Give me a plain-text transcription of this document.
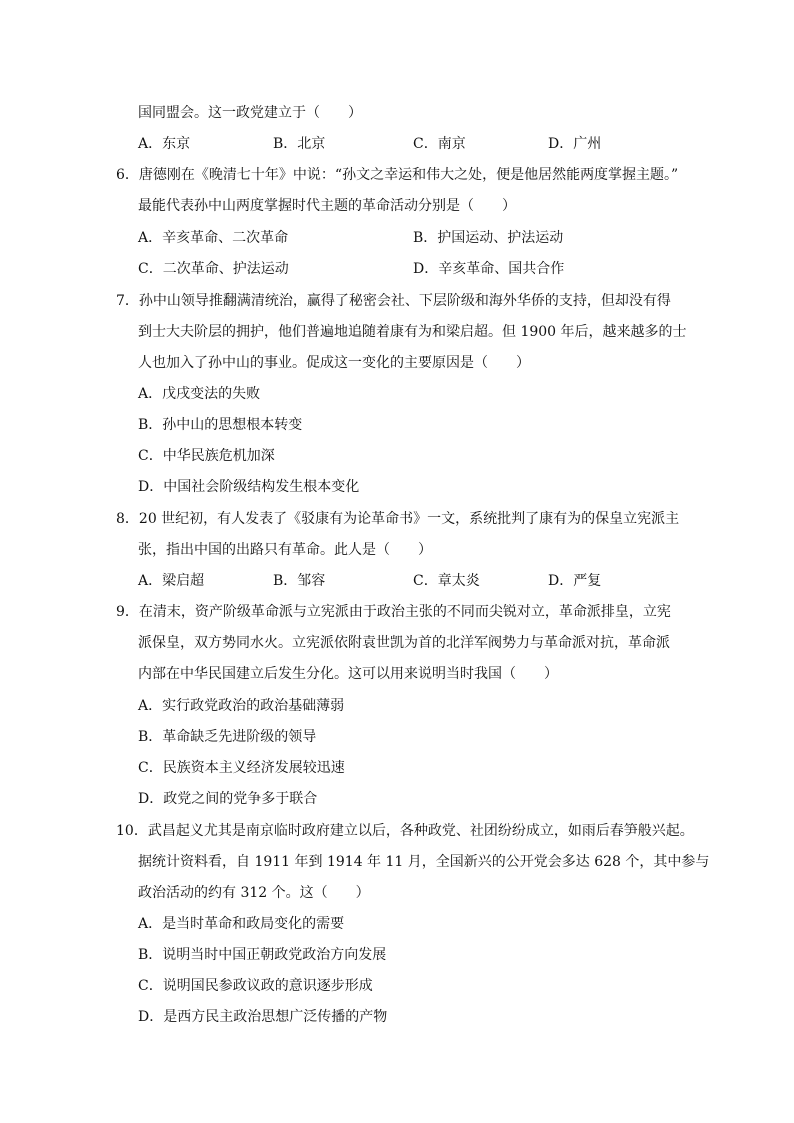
国同盟会。这一政党建立于（　　）
A．东京	B．北京	C．南京	D．广州
6．唐德刚在《晚清七十年》中说：“孙文之幸运和伟大之处，便是他居然能两度掌握主题。”
最能代表孙中山两度掌握时代主题的革命活动分别是（　　）
A．辛亥革命、二次革命	B．护国运动、护法运动
C．二次革命、护法运动	D．辛亥革命、国共合作
7．孙中山领导推翻满清统治，赢得了秘密会社、下层阶级和海外华侨的支持，但却没有得
到士大夫阶层的拥护，他们普遍地追随着康有为和梁启超。但 1900 年后，越来越多的士
人也加入了孙中山的事业。促成这一变化的主要原因是（　　）
A．戊戌变法的失败
B．孙中山的思想根本转变
C．中华民族危机加深
D．中国社会阶级结构发生根本变化
8．20 世纪初，有人发表了《驳康有为论革命书》一文，系统批判了康有为的保皇立宪派主
张，指出中国的出路只有革命。此人是（　　）
A．梁启超	B．邹容	C．章太炎	D．严复
9．在清末，资产阶级革命派与立宪派由于政治主张的不同而尖锐对立，革命派排皇，立宪
派保皇，双方势同水火。立宪派依附袁世凯为首的北洋军阀势力与革命派对抗，革命派
内部在中华民国建立后发生分化。这可以用来说明当时我国（　　）
A．实行政党政治的政治基础薄弱
B．革命缺乏先进阶级的领导
C．民族资本主义经济发展较迅速
D．政党之间的党争多于联合
10．武昌起义尤其是南京临时政府建立以后，各种政党、社团纷纷成立，如雨后春笋般兴起。
据统计资料看，自 1911 年到 1914 年 11 月，全国新兴的公开党会多达 628 个，其中参与
政治活动的约有 312 个。这（　　）
A．是当时革命和政局变化的需要
B．说明当时中国正朝政党政治方向发展
C．说明国民参政议政的意识逐步形成
D．是西方民主政治思想广泛传播的产物
